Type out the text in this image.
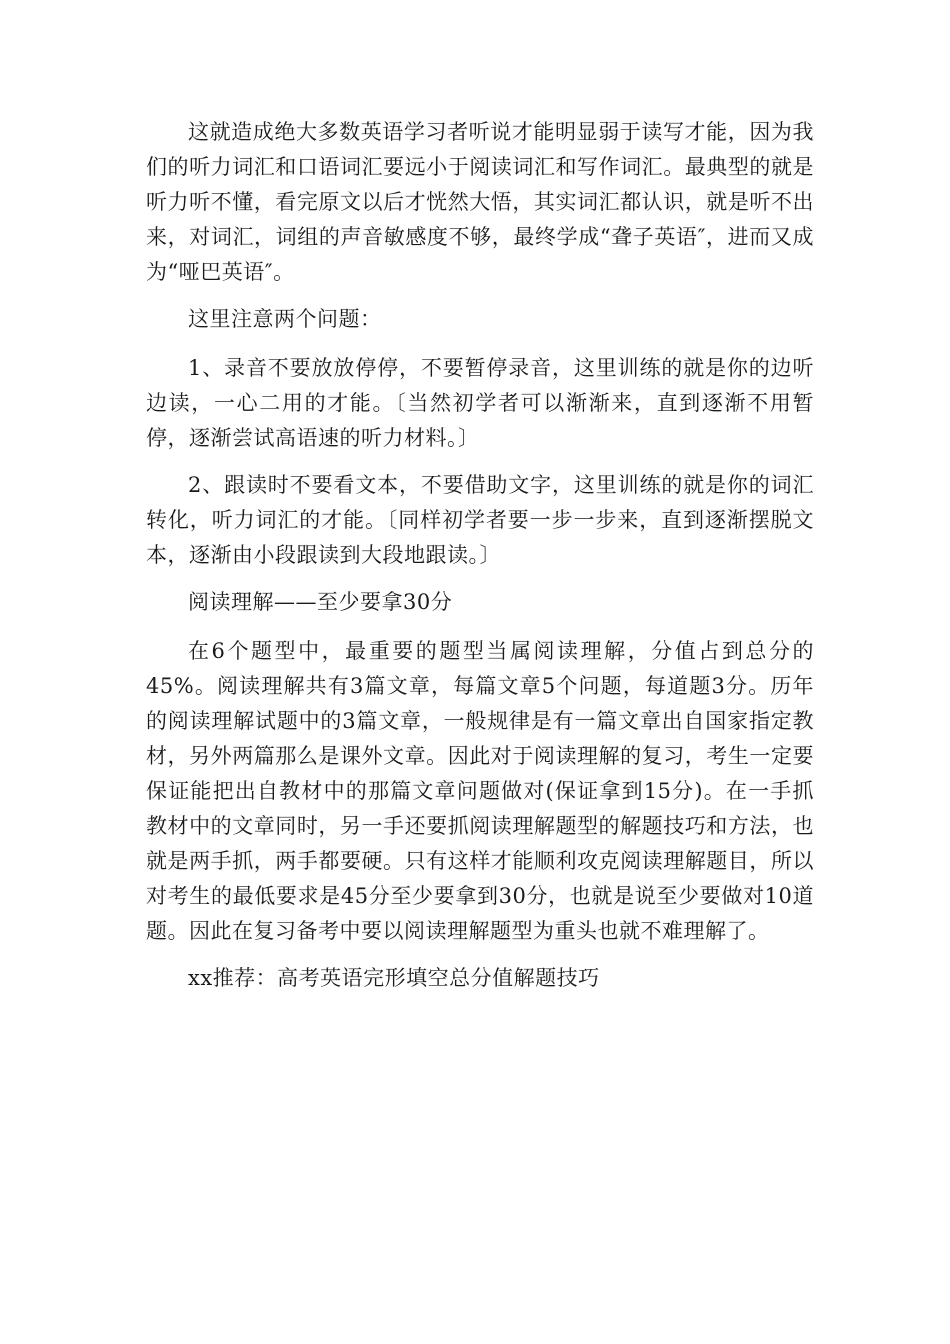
这就造成绝大多数英语学习者听说才能明显弱于读写才能，因为我们的听力词汇和口语词汇要远小于阅读词汇和写作词汇。最典型的就是听力听不懂，看完原文以后才恍然大悟，其实词汇都认识，就是听不出来，对词汇，词组的声音敏感度不够，最终学成“聋子英语″，进而又成为“哑巴英语″。

这里注意两个问题：

1、录音不要放放停停，不要暂停录音，这里训练的就是你的边听边读，一心二用的才能。〔当然初学者可以渐渐来，直到逐渐不用暂停，逐渐尝试高语速的听力材料。〕

2、跟读时不要看文本，不要借助文字，这里训练的就是你的词汇转化，听力词汇的才能。〔同样初学者要一步一步来，直到逐渐摆脱文本，逐渐由小段跟读到大段地跟读。〕

阅读理解——至少要拿30分

在6个题型中，最重要的题型当属阅读理解，分值占到总分的45%。阅读理解共有3篇文章，每篇文章5个问题，每道题3分。历年的阅读理解试题中的3篇文章，一般规律是有一篇文章出自国家指定教材，另外两篇那么是课外文章。因此对于阅读理解的复习，考生一定要保证能把出自教材中的那篇文章问题做对(保证拿到15分)。在一手抓教材中的文章同时，另一手还要抓阅读理解题型的解题技巧和方法，也就是两手抓，两手都要硬。只有这样才能顺利攻克阅读理解题目，所以对考生的最低要求是45分至少要拿到30分，也就是说至少要做对10道题。因此在复习备考中要以阅读理解题型为重头也就不难理解了。

xx推荐：高考英语完形填空总分值解题技巧
